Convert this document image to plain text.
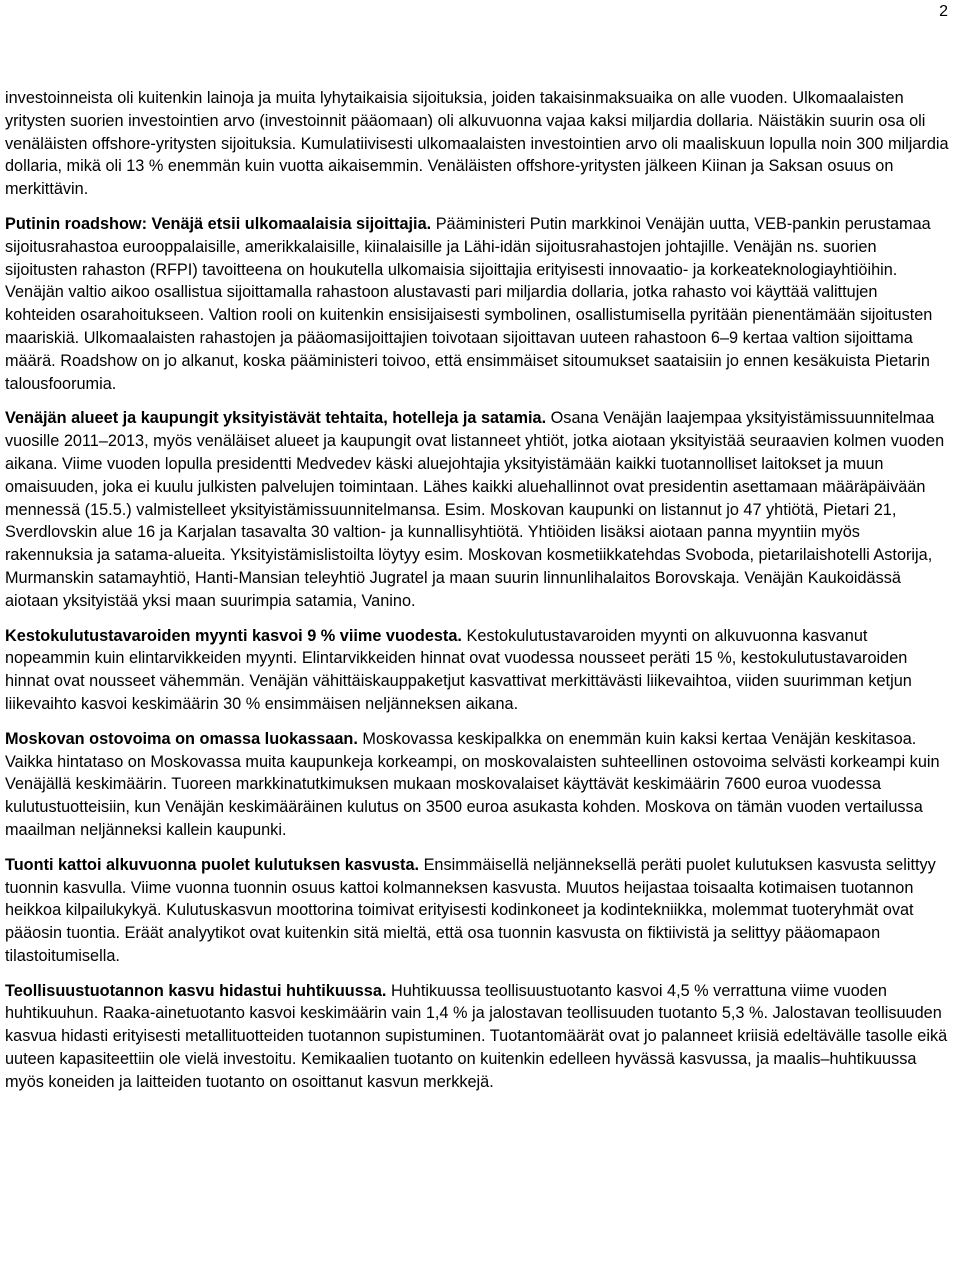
2

investoinneista oli kuitenkin lainoja ja muita lyhytaikaisia sijoituksia, joiden takaisinmaksuaika on alle vuoden. Ulkomaalaisten yritysten suorien investointien arvo (investoinnit pääomaan) oli alkuvuonna vajaa kaksi miljardia dollaria. Näistäkin suurin osa oli venäläisten offshore-yritysten sijoituksia. Kumulatiivisesti ulkomaalaisten investointien arvo oli maaliskuun lopulla noin 300 miljardia dollaria, mikä oli 13 % enemmän kuin vuotta aikaisemmin. Venäläisten offshore-yritysten jälkeen Kiinan ja Saksan osuus on merkittävin.

Putinin roadshow: Venäjä etsii ulkomaalaisia sijoittajia. Pääministeri Putin markkinoi Venäjän uutta, VEB-pankin perustamaa sijoitusrahastoa eurooppalaisille, amerikkalaisille, kiinalaisille ja Lähi-idän sijoitusrahastojen johtajille. Venäjän ns. suorien sijoitusten rahaston (RFPI) tavoitteena on houkutella ulkomaisia sijoittajia erityisesti innovaatio- ja korkeateknologiayhtiöihin. Venäjän valtio aikoo osallistua sijoittamalla rahastoon alustavasti pari miljardia dollaria, jotka rahasto voi käyttää valittujen kohteiden osarahoitukseen. Valtion rooli on kuitenkin ensisijaisesti symbolinen, osallistumisella pyritään pienentämään sijoitusten maariskiä. Ulkomaalaisten rahastojen ja pääomasijoittajien toivotaan sijoittavan uuteen rahastoon 6–9 kertaa valtion sijoittama määrä. Roadshow on jo alkanut, koska pääministeri toivoo, että ensimmäiset sitoumukset saataisiin jo ennen kesäkuista Pietarin talousfoorumia.

Venäjän alueet ja kaupungit yksityistävät tehtaita, hotelleja ja satamia. Osana Venäjän laajempaa yksityistämissuunnitelmaa vuosille 2011–2013, myös venäläiset alueet ja kaupungit ovat listanneet yhtiöt, jotka aiotaan yksityistää seuraavien kolmen vuoden aikana. Viime vuoden lopulla presidentti Medvedev käski aluejohtajia yksityistämään kaikki tuotannolliset laitokset ja muun omaisuuden, joka ei kuulu julkisten palvelujen toimintaan. Lähes kaikki aluehallinnot ovat presidentin asettamaan määräpäivään mennessä (15.5.) valmistelleet yksityistämissuunnitelmansa. Esim. Moskovan kaupunki on listannut jo 47 yhtiötä, Pietari 21, Sverdlovskin alue 16 ja Karjalan tasavalta 30 valtion- ja kunnallisyhtiötä. Yhtiöiden lisäksi aiotaan panna myyntiin myös rakennuksia ja satama-alueita. Yksityistämislistoilta löytyy esim. Moskovan kosmetiikkatehdas Svoboda, pietarilaishotelli Astorija, Murmanskin satamayhtiö, Hanti-Mansian teleyhtiö Jugratel ja maan suurin linnunlihalaitos Borovskaja. Venäjän Kaukoidässä aiotaan yksityistää yksi maan suurimpia satamia, Vanino.

Kestokulutustavaroiden myynti kasvoi 9 % viime vuodesta. Kestokulutustavaroiden myynti on alkuvuonna kasvanut nopeammin kuin elintarvikkeiden myynti. Elintarvikkeiden hinnat ovat vuodessa nousseet peräti 15 %, kestokulutustavaroiden hinnat ovat nousseet vähemmän. Venäjän vähittäiskauppaketjut kasvattivat merkittävästi liikevaihtoa, viiden suurimman ketjun liikevaihto kasvoi keskimäärin 30 % ensimmäisen neljänneksen aikana.

Moskovan ostovoima on omassa luokassaan. Moskovassa keskipalkka on enemmän kuin kaksi kertaa Venäjän keskitasoa. Vaikka hintataso on Moskovassa muita kaupunkeja korkeampi, on moskovalaisten suhteellinen ostovoima selvästi korkeampi kuin Venäjällä keskimäärin. Tuoreen markkinatutkimuksen mukaan moskovalaiset käyttävät keskimäärin 7600 euroa vuodessa kulutustuotteisiin, kun Venäjän keskimääräinen kulutus on 3500 euroa asukasta kohden. Moskova on tämän vuoden vertailussa maailman neljänneksi kallein kaupunki.

Tuonti kattoi alkuvuonna puolet kulutuksen kasvusta. Ensimmäisellä neljänneksellä peräti puolet kulutuksen kasvusta selittyy tuonnin kasvulla. Viime vuonna tuonnin osuus kattoi kolmanneksen kasvusta. Muutos heijastaa toisaalta kotimaisen tuotannon heikkoa kilpailukykyä. Kulutuskasvun moottorina toimivat erityisesti kodinkoneet ja kodintekniikka, molemmat tuoteryhmät ovat pääosin tuontia. Eräät analyytikot ovat kuitenkin sitä mieltä, että osa tuonnin kasvusta on fiktiivistä ja selittyy pääomapaon tilastoitumisella.

Teollisuustuotannon kasvu hidastui huhtikuussa. Huhtikuussa teollisuustuotanto kasvoi 4,5 % verrattuna viime vuoden huhtikuuhun. Raaka-ainetuotanto kasvoi keskimäärin vain 1,4 % ja jalostavan teollisuuden tuotanto 5,3 %. Jalostavan teollisuuden kasvua hidasti erityisesti metallituotteiden tuotannon supistuminen. Tuotantomäärät ovat jo palanneet kriisiä edeltävälle tasolle eikä uuteen kapasiteettiin ole vielä investoitu. Kemikaalien tuotanto on kuitenkin edelleen hyvässä kasvussa, ja maalis–huhtikuussa myös koneiden ja laitteiden tuotanto on osoittanut kasvun merkkejä.
